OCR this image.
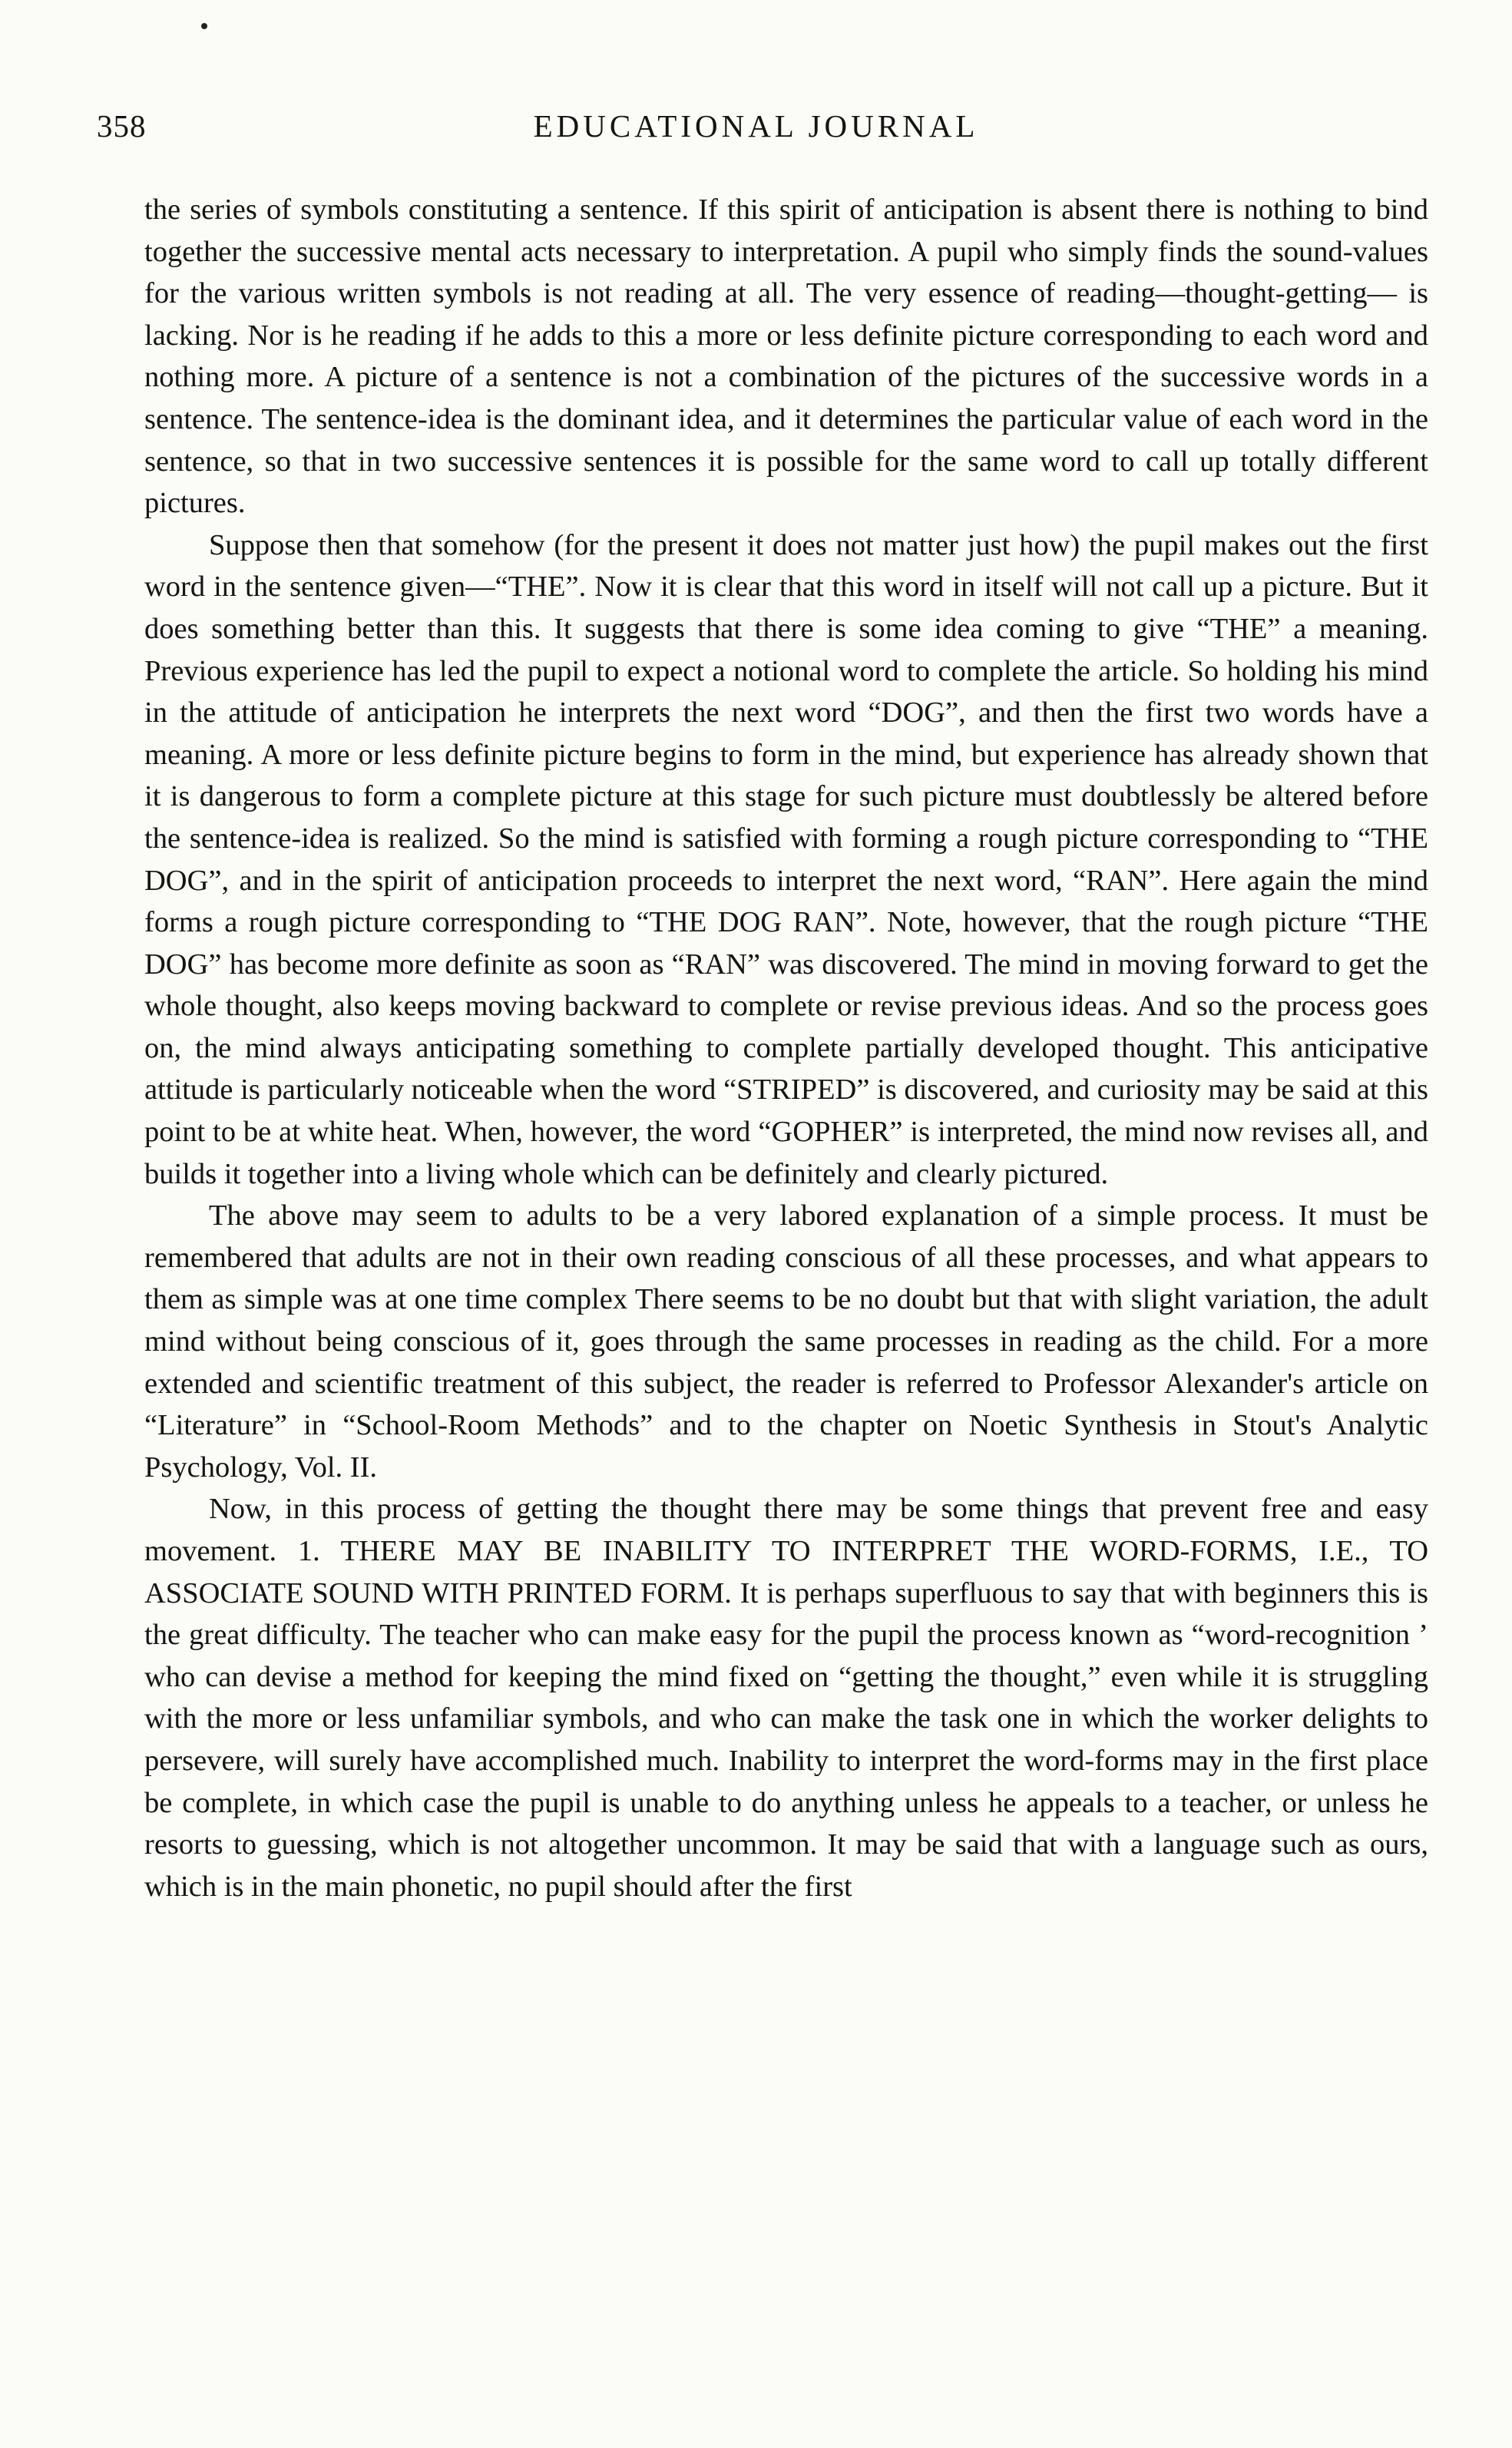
358	EDUCATIONAL JOURNAL

the series of symbols constituting a sentence. If this spirit of anticipation is absent there is nothing to bind together the successive mental acts necessary to interpretation. A pupil who simply finds the sound-values for the various written symbols is not reading at all. The very essence of reading—thought-getting— is lacking. Nor is he reading if he adds to this a more or less definite picture corresponding to each word and nothing more. A picture of a sentence is not a combination of the pictures of the successive words in a sentence. The sentence-idea is the dominant idea, and it determines the particular value of each word in the sentence, so that in two successive sentences it is possible for the same word to call up totally different pictures.

Suppose then that somehow (for the present it does not matter just how) the pupil makes out the first word in the sentence given—“THE”. Now it is clear that this word in itself will not call up a picture. But it does something better than this. It suggests that there is some idea coming to give “THE” a meaning. Previous experience has led the pupil to expect a notional word to complete the article. So holding his mind in the attitude of anticipation he interprets the next word “DOG”, and then the first two words have a meaning. A more or less definite picture begins to form in the mind, but experience has already shown that it is dangerous to form a complete picture at this stage for such picture must doubtlessly be altered before the sentence-idea is realized. So the mind is satisfied with forming a rough picture corresponding to “THE DOG”, and in the spirit of anticipation proceeds to interpret the next word, “RAN”. Here again the mind forms a rough picture corresponding to “THE DOG RAN”. Note, however, that the rough picture “THE DOG” has become more definite as soon as “RAN” was discovered. The mind in moving forward to get the whole thought, also keeps moving backward to complete or revise previous ideas. And so the process goes on, the mind always anticipating something to complete partially developed thought. This anticipative attitude is particularly noticeable when the word “STRIPED” is discovered, and curiosity may be said at this point to be at white heat. When, however, the word “GOPHER” is interpreted, the mind now revises all, and builds it together into a living whole which can be definitely and clearly pictured.

The above may seem to adults to be a very labored explanation of a simple process. It must be remembered that adults are not in their own reading conscious of all these processes, and what appears to them as simple was at one time complex There seems to be no doubt but that with slight variation, the adult mind without being conscious of it, goes through the same processes in reading as the child. For a more extended and scientific treatment of this subject, the reader is referred to Professor Alexander's article on “Literature” in “School-Room Methods” and to the chapter on Noetic Synthesis in Stout's Analytic Psychology, Vol. II.

Now, in this process of getting the thought there may be some things that prevent free and easy movement. 1. THERE MAY BE INABILITY TO INTERPRET THE WORD-FORMS, I.E., TO ASSOCIATE SOUND WITH PRINTED FORM. It is perhaps superfluous to say that with beginners this is the great difficulty. The teacher who can make easy for the pupil the process known as “word-recognition ’ who can devise a method for keeping the mind fixed on “getting the thought,” even while it is struggling with the more or less unfamiliar symbols, and who can make the task one in which the worker delights to persevere, will surely have accomplished much. Inability to interpret the word-forms may in the first place be complete, in which case the pupil is unable to do anything unless he appeals to a teacher, or unless he resorts to guessing, which is not altogether uncommon. It may be said that with a language such as ours, which is in the main phonetic, no pupil should after the first
